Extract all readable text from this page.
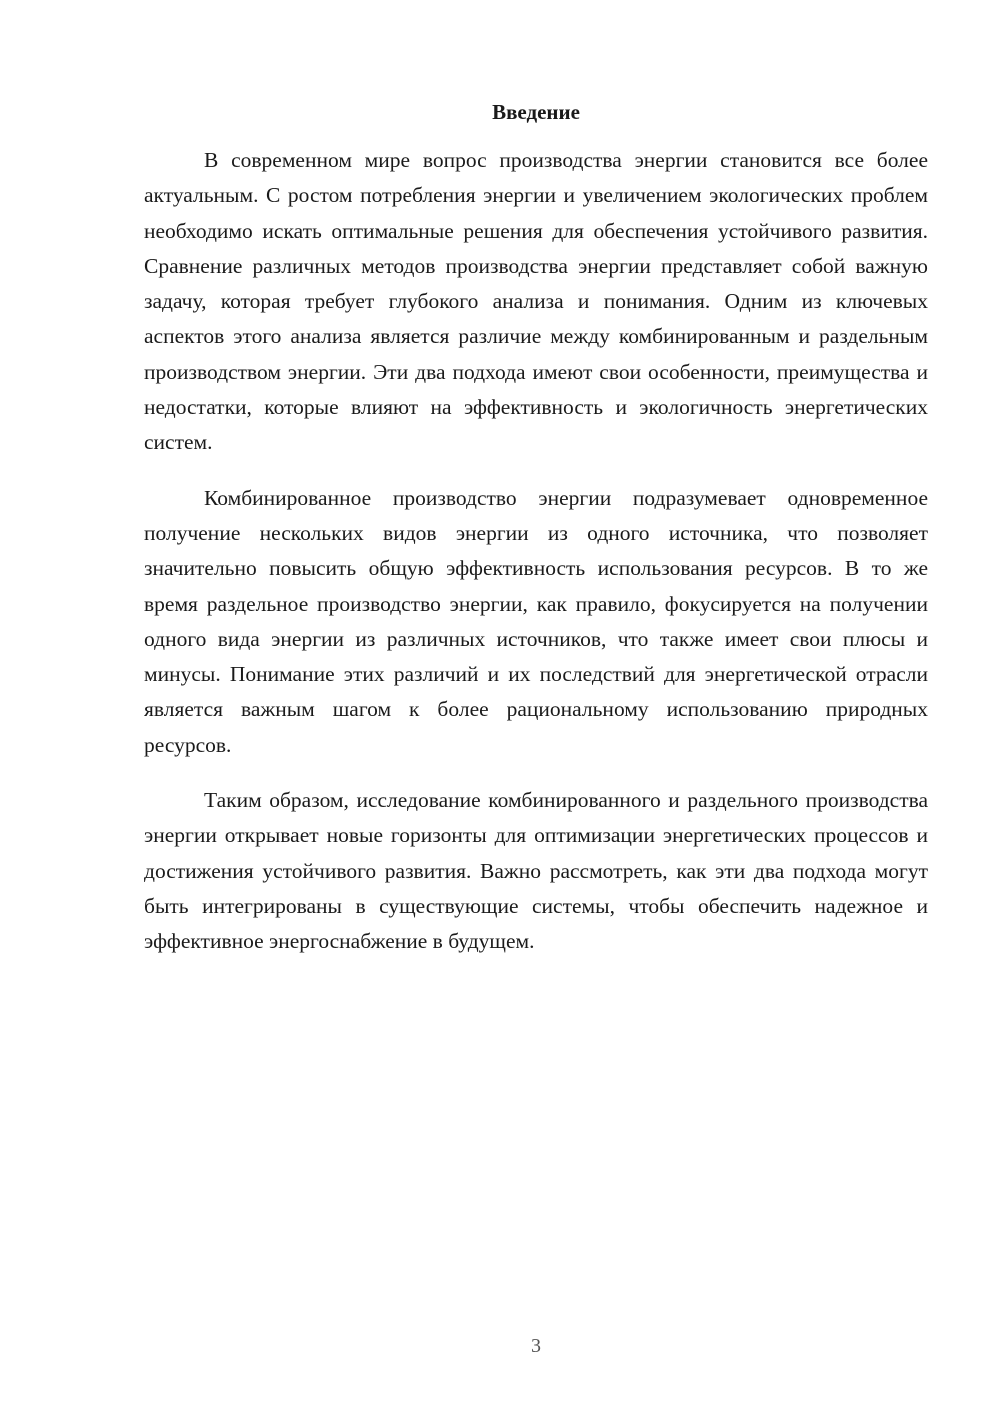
Введение

В современном мире вопрос производства энергии становится все более актуальным. С ростом потребления энергии и увеличением экологических проблем необходимо искать оптимальные решения для обеспечения устойчивого развития. Сравнение различных методов производства энергии представляет собой важную задачу, которая требует глубокого анализа и понимания. Одним из ключевых аспектов этого анализа является различие между комбинированным и раздельным производством энергии. Эти два подхода имеют свои особенности, преимущества и недостатки, которые влияют на эффективность и экологичность энергетических систем.

Комбинированное производство энергии подразумевает одновременное получение нескольких видов энергии из одного источника, что позволяет значительно повысить общую эффективность использования ресурсов. В то же время раздельное производство энергии, как правило, фокусируется на получении одного вида энергии из различных источников, что также имеет свои плюсы и минусы. Понимание этих различий и их последствий для энергетической отрасли является важным шагом к более рациональному использованию природных ресурсов.

Таким образом, исследование комбинированного и раздельного производства энергии открывает новые горизонты для оптимизации энергетических процессов и достижения устойчивого развития. Важно рассмотреть, как эти два подхода могут быть интегрированы в существующие системы, чтобы обеспечить надежное и эффективное энергоснабжение в будущем.

3
